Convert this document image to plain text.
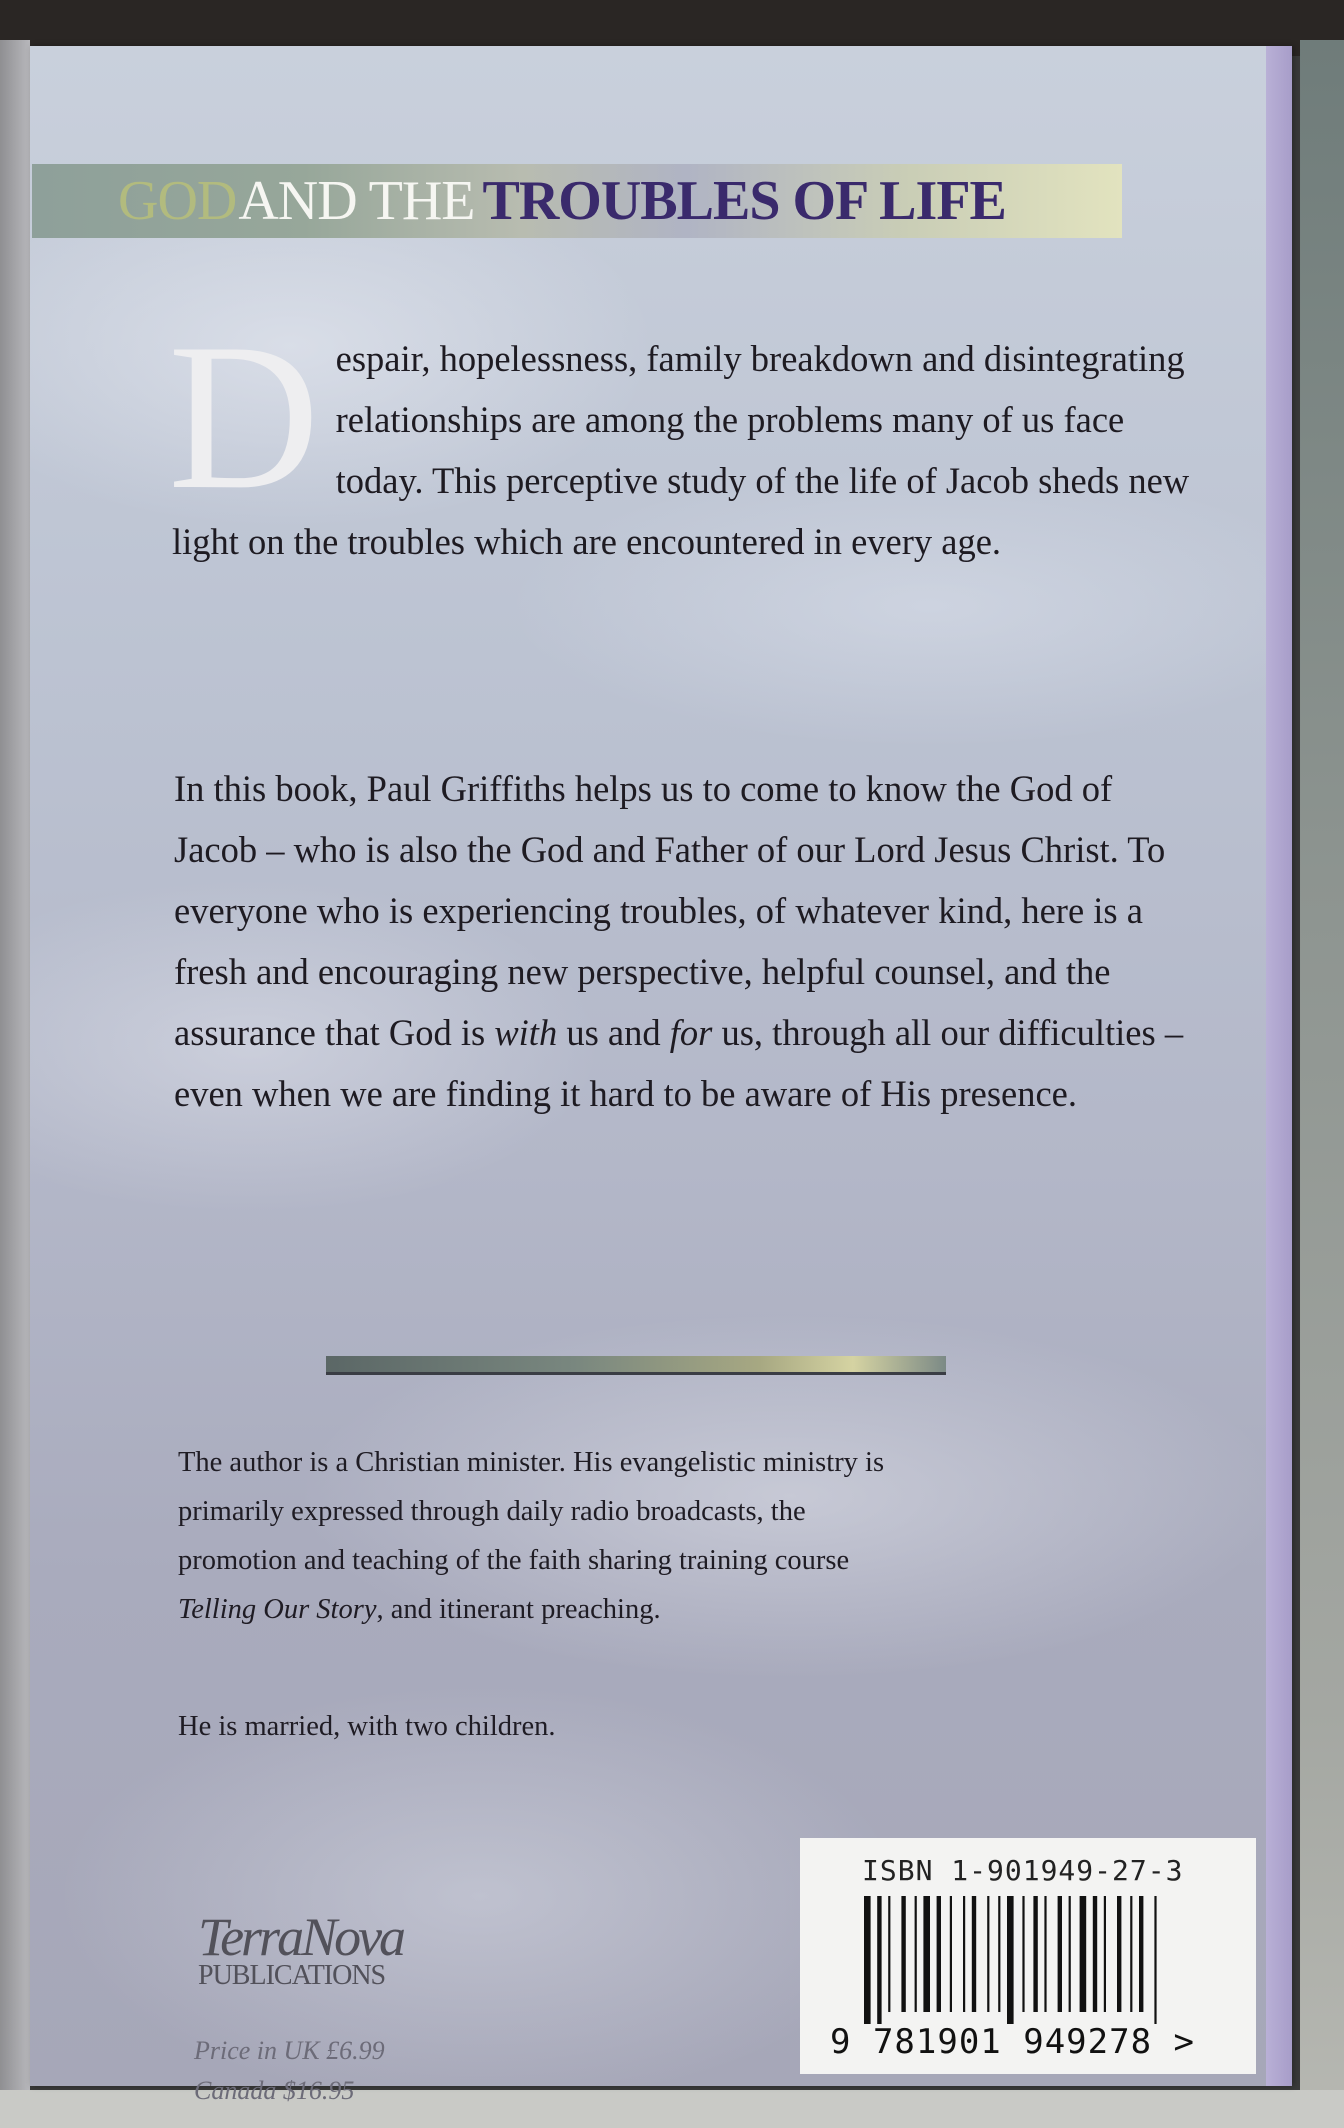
GOD AND THE TROUBLES OF LIFE
D espair, hopelessness, family breakdown and disintegrating relationships are among the problems many of us face today. This perceptive study of the life of Jacob sheds new light on the troubles which are encountered in every age.
In this book, Paul Griffiths helps us to come to know the God of Jacob – who is also the God and Father of our Lord Jesus Christ. To everyone who is experiencing troubles, of whatever kind, here is a fresh and encouraging new perspective, helpful counsel, and the assurance that God is with us and for us, through all our difficulties – even when we are finding it hard to be aware of His presence.
The author is a Christian minister. His evangelistic ministry is primarily expressed through daily radio broadcasts, the promotion and teaching of the faith sharing training course Telling Our Story, and itinerant preaching.
He is married, with two children.
TerraNova
PUBLICATIONS
Price in UK £6.99
Canada $16.95
ISBN 1-901949-27-3
9 781901 949278 >
